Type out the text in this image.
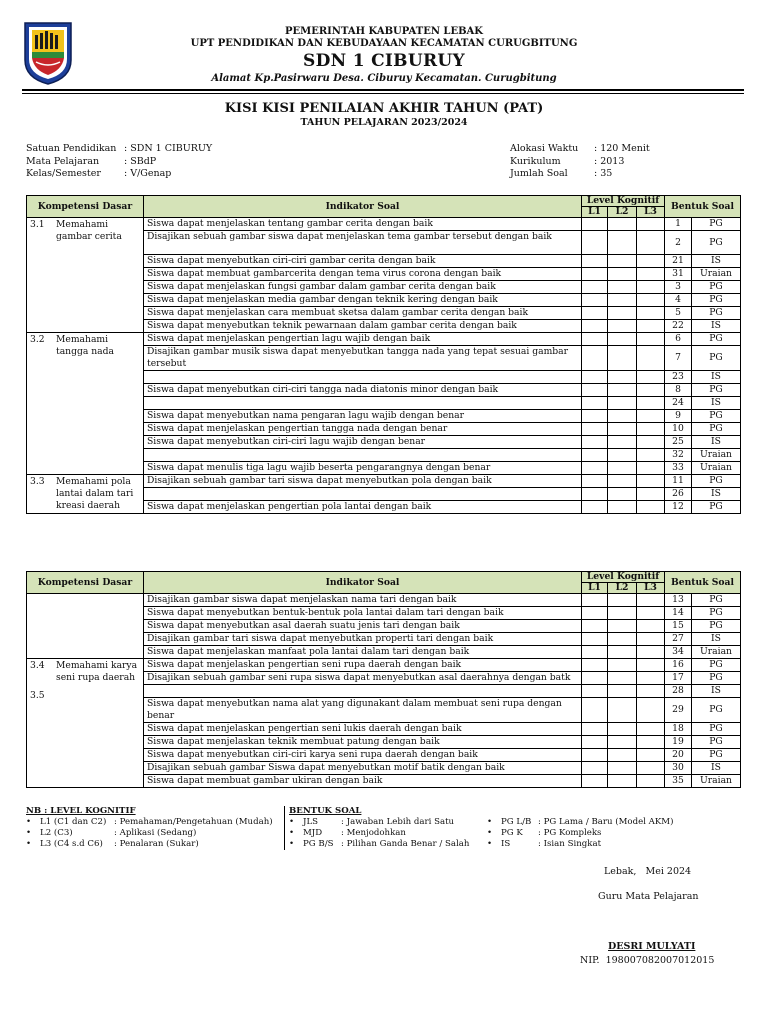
PEMERINTAH KABUPATEN LEBAK
UPT PENDIDIKAN DAN KEBUDAYAAN KECAMATAN CURUGBITUNG
SDN 1 CIBURUY
Alamat Kp.Pasirwaru Desa. Ciburuy Kecamatan. Curugbitung
KISI KISI PENILAIAN AKHIR TAHUN (PAT)
TAHUN PELAJARAN 2023/2024
Satuan Pendidikan : SDN 1 CIBURUY
Mata Pelajaran	: SBdP
Kelas/Semester	: V/Genap
Alokasi Waktu	: 120 Menit
Kurikulum	: 2013
Jumlah Soal	: 35
Kompetensi Dasar	Indikator Soal	Level Kognitif			Bentuk Soal	
		L1	L2	L3		
3.1 Memahami gambar cerita	Siswa dapat menjelaskan tentang gambar cerita dengan baik				1	PG
	Disajikan sebuah gambar siswa dapat menjelaskan tema gambar tersebut dengan baik				2	PG
	Siswa dapat menyebutkan ciri-ciri gambar cerita dengan baik				21	IS
	Siswa dapat membuat gambarcerita dengan tema virus corona dengan baik				31	Uraian
	Siswa dapat menjelaskan fungsi gambar dalam gambar cerita dengan baik				3	PG
	Siswa dapat menjelaskan media gambar dengan teknik kering dengan baik				4	PG
	Siswa dapat menjelaskan cara membuat sketsa dalam gambar cerita dengan baik				5	PG
	Siswa dapat menyebutkan teknik pewarnaan dalam gambar cerita dengan baik				22	IS
3.2 Memahami tangga nada	Siswa dapat menjelaskan pengertian lagu wajib dengan baik				6	PG
	Disajikan gambar musik siswa dapat menyebutkan tangga nada yang tepat sesuai gambar tersebut				7	PG
					23	IS
	Siswa dapat menyebutkan ciri-ciri tangga nada diatonis minor dengan baik				8	PG
					24	IS
	Siswa dapat menyebutkan nama pengaran lagu wajib dengan benar				9	PG
	Siswa dapat menjelaskan pengertian tangga nada dengan benar				10	PG
	Siswa dapat menyebutkan ciri-ciri lagu wajib dengan benar				25	IS
					32	Uraian
	Siswa dapat menulis tiga lagu wajib beserta pengarangnya dengan benar				33	Uraian
3.3 Memahami pola lantai dalam tari kreasi daerah	Disajikan sebuah gambar tari siswa dapat menyebutkan pola dengan baik				11	PG
					26	IS
	Siswa dapat menjelaskan pengertian pola lantai dengan baik				12	PG
Kompetensi Dasar	Indikator Soal	Level Kognitif			Bentuk Soal	
		L1	L2	L3		
	Disajikan gambar siswa dapat menjelaskan nama tari dengan baik				13	PG
	Siswa dapat menyebutkan bentuk-bentuk pola lantai dalam tari dengan baik				14	PG
	Siswa dapat menyebutkan asal daerah suatu jenis tari dengan baik				15	PG
	Disajikan gambar tari siswa dapat menyebutkan properti tari dengan baik				27	IS
	Siswa dapat menjelaskan manfaat pola lantai dalam tari dengan baik				34	Uraian
3.4 Memahami karya seni rupa daerah
3.5	Siswa dapat menjelaskan pengertian seni rupa daerah dengan baik				16	PG
	Disajikan sebuah gambar seni rupa siswa dapat menyebutkan asal daerahnya dengan batk				17	PG
					28	IS
	Siswa dapat menyebutkan nama alat yang digunakant dalam membuat seni rupa dengan benar				29	PG
	Siswa dapat menjelaskan pengertian seni lukis daerah dengan baik				18	PG
	Siswa dapat menjelaskan teknik membuat patung dengan baik				19	PG
	Siswa dapat menyebutkan ciri-ciri karya seni rupa daerah dengan baik				20	PG
	Disajikan sebuah gambar Siswa dapat menyebutkan motif batik dengan baik				30	IS
	Siswa dapat membuat gambar ukiran dengan baik				35	Uraian
NB : LEVEL KOGNITIF
•	L1 (C1 dan C2) : Pemahaman/Pengetahuan (Mudah)
•	L2 (C3)	: Aplikasi (Sedang)
•	L3 (C4 s.d C6)	: Penalaran (Sukar)
BENTUK SOAL
•	JLS	: Jawaban Lebih dari Satu
•	MJD	: Menjodohkan
•	PG B/S : Pilihan Ganda Benar / Salah
•	PG L/B : PG Lama / Baru (Model AKM)
•	PG K	: PG Kompleks
•	IS	: Isian Singkat
Lebak,   Mei 2024
Guru Mata Pelajaran
DESRI MULYATI
NIP.  198007082007012015
